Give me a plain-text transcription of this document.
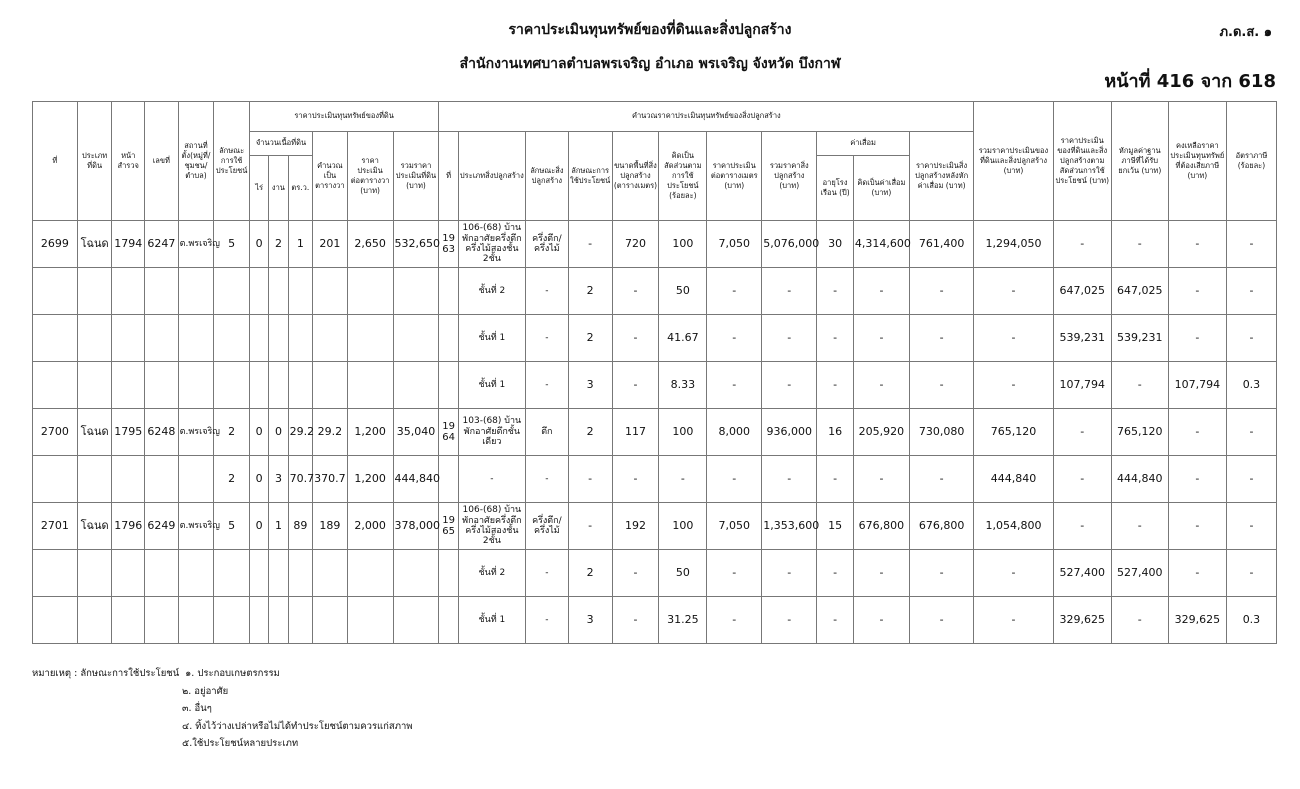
ราคาประเมินทุนทรัพย์ของที่ดินและสิ่งปลูกสร้าง
สำนักงานเทศบาลตำบลพรเจริญ อำเภอ พรเจริญ จังหวัด บึงกาฬ
ภ.ด.ส. ๑
หน้าที่ 416 จาก 618
ที่	ประเภทที่ดิน	หน้าสำรวจ	เลขที่	สถานที่ตั้ง(หมู่ที่/ชุมชน/ตำบล)	ลักษณะการใช้ประโยชน์	ราคาประเมินทุนทรัพย์ของที่ดิน						คำนวณราคาประเมินทุนทรัพย์ของสิ่งปลูกสร้าง											รวมราคาประเมินของที่ดินและสิ่งปลูกสร้าง (บาท)	ราคาประเมินของที่ดินและสิ่งปลูกสร้างตามสัดส่วนการใช้ประโยชน์ (บาท)	หักมูลค่าฐานภาษีที่ได้รับยกเว้น (บาท)	คงเหลือราคาประเมินทุนทรัพย์ที่ต้องเสียภาษี (บาท)	อัตราภาษี (ร้อยละ)
						จำนวนเนื้อที่ดิน			คำนวณเป็นตารางวา	ราคาประเมินต่อตารางวา (บาท)	รวมราคาประเมินที่ดิน (บาท)	ที่	ประเภทสิ่งปลูกสร้าง	ลักษณะสิ่งปลูกสร้าง	ลักษณะการใช้ประโยชน์	ขนาดพื้นที่สิ่งปลูกสร้าง (ตารางเมตร)	คิดเป็นสัดส่วนตามการใช้ประโยชน์ (ร้อยละ)	ราคาประเมินต่อตารางเมตร (บาท)	รวมราคาสิ่งปลูกสร้าง (บาท)	ค่าเสื่อม		ราคาประเมินสิ่งปลูกสร้างหลังหักค่าเสื่อม (บาท)					
						ไร่	งาน	ตร.ว.												อายุโรงเรือน (ปี)	คิดเป็นค่าเสื่อม (บาท)						
2699	โฉนด	1794	6247	ต.พรเจริญ	5	0	2	1	201	2,650	532,650	19 63	106-(68) บ้านพักอาศัยครึ่งตึกครึ่งไม้สองชั้น 2ชั้น	ครึ่งตึก/ครึ่งไม้	-	720	100	7,050	5,076,000	30	4,314,600	761,400	1,294,050	-	-	-	-
													ชั้นที่ 2	-	2	-	50	-	-	-	-	-	-	647,025	647,025	-	-
													ชั้นที่ 1	-	2	-	41.67	-	-	-	-	-	-	539,231	539,231	-	-
													ชั้นที่ 1	-	3	-	8.33	-	-	-	-	-	-	107,794	-	107,794	0.3
2700	โฉนด	1795	6248	ต.พรเจริญ	2	0	0	29.2	29.2	1,200	35,040	19 64	103-(68) บ้านพักอาศัยตึกชั้นเดียว	ตึก	2	117	100	8,000	936,000	16	205,920	730,080	765,120	-	765,120	-	-
					2	0	3	70.7	370.7	1,200	444,840		-	-	-	-	-	-	-	-	-	-	444,840	-	444,840	-	-
2701	โฉนด	1796	6249	ต.พรเจริญ	5	0	1	89	189	2,000	378,000	19 65	106-(68) บ้านพักอาศัยครึ่งตึกครึ่งไม้สองชั้น 2ชั้น	ครึ่งตึก/ครึ่งไม้	-	192	100	7,050	1,353,600	15	676,800	676,800	1,054,800	-	-	-	-
													ชั้นที่ 2	-	2	-	50	-	-	-	-	-	-	527,400	527,400	-	-
													ชั้นที่ 1	-	3	-	31.25	-	-	-	-	-	-	329,625	-	329,625	0.3
หมายเหตุ : ลักษณะการใช้ประโยชน์ ๑. ประกอบเกษตรกรรม
๒. อยู่อาศัย
๓. อื่นๆ
๔. ทิ้งไว้ว่างเปล่าหรือไม่ได้ทำประโยชน์ตามควรแก่สภาพ
๕.ใช้ประโยชน์หลายประเภท
